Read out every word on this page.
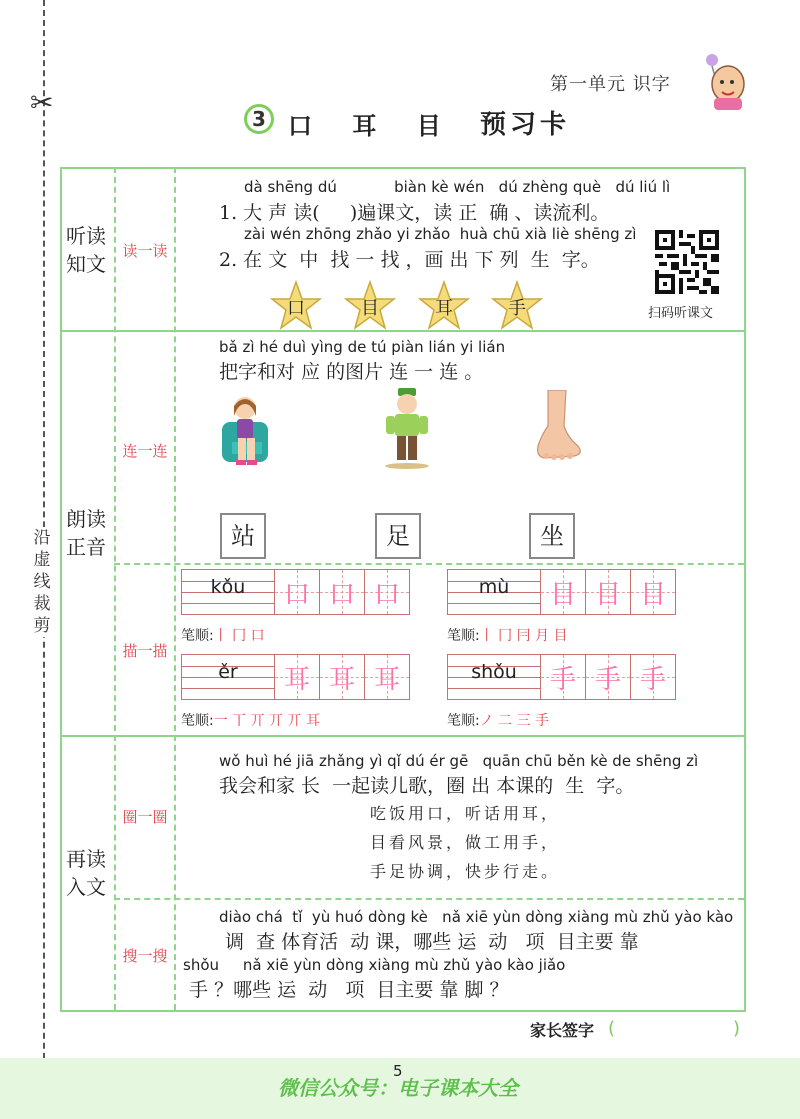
✂
沿
虚
线
裁
剪
第一单元 识字
3 口 耳 目 预习卡
听读
知文
朗读
正音
再读
入文
读一读
连一连
描一描
圈一圈
搜一搜
dà shēng dú            biàn kè wén   dú zhèng què   dú liú lì
1. 大 声 读(     )遍课文，读 正  确 、读流利。
zài wén zhōng zhǎo yi zhǎo  huà chū xià liè shēng zì
2. 在 文  中  找 一 找 ，画 出 下 列  生  字。
口	目	耳	手	扫码听课文
bǎ zì hé duì yìng de tú piàn lián yi lián
把字和对 应 的图片 连 一 连 。
站	足	坐
kǒu	口 口 口
笔顺:丨 冂 口
mù	目 目 目
笔顺:丨 冂 冃 月 目
ěr	耳 耳 耳
笔顺:一 丅 丌 丌 丌 耳
shǒu	手 手 手
笔顺:ノ 二 三 手
wǒ huì hé jiā zhǎng yì qǐ dú ér gē   quān chū běn kè de shēng zì
我会和家 长  一起读儿歌，圈 出 本课的  生  字。
吃饭用口，听话用耳，
目看风景，做工用手，
手足协调，快步行走。
diào chá  tǐ  yù huó dòng kè   nǎ xiē yùn dòng xiàng mù zhǔ yào kào
调  查 体育活  动 课，哪些 运  动   项  目主要 靠
shǒu     nǎ xiē yùn dòng xiàng mù zhǔ yào kào jiǎo
手 ？哪些 运  动   项  目主要 靠 脚 ？
家长签字 (	)
5
微信公众号：电子课本大全
